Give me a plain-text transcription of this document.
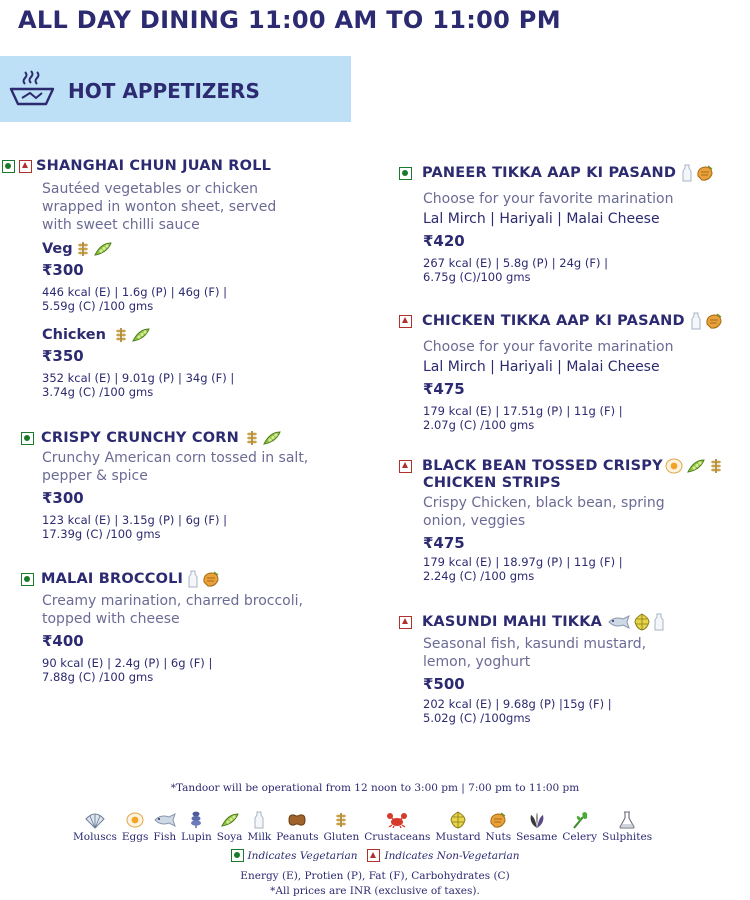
ALL DAY DINING 11:00 AM TO 11:00 PM
HOT APPETIZERS
SHANGHAI CHUN JUAN ROLL
Sautéed vegetables or chicken
wrapped in wonton sheet, served
with sweet chilli sauce
Veg
₹300
446 kcal (E) | 1.6g (P) | 46g (F) |
5.59g (C) /100 gms
Chicken
₹350
352 kcal (E) | 9.01g (P) | 34g (F) |
3.74g (C) /100 gms
CRISPY CRUNCHY CORN
Crunchy American corn tossed in salt,
pepper & spice
₹300
123 kcal (E) | 3.15g (P) | 6g (F) |
17.39g (C) /100 gms
MALAI BROCCOLI
Creamy marination, charred broccoli,
topped with cheese
₹400
90 kcal (E) | 2.4g (P) | 6g (F) |
7.88g (C) /100 gms
PANEER TIKKA AAP KI PASAND
Choose for your favorite marination
Lal Mirch | Hariyali | Malai Cheese
₹420
267 kcal (E) | 5.8g (P) | 24g (F) |
6.75g (C)/100 gms
CHICKEN TIKKA AAP KI PASAND
Choose for your favorite marination
Lal Mirch | Hariyali | Malai Cheese
₹475
179 kcal (E) | 17.51g (P) | 11g (F) |
2.07g (C) /100 gms
BLACK BEAN TOSSED CRISPY
CHICKEN STRIPS
Crispy Chicken, black bean, spring
onion, veggies
₹475
179 kcal (E) | 18.97g (P) | 11g (F) |
2.24g (C) /100 gms
KASUNDI MAHI TIKKA
Seasonal fish, kasundi mustard,
lemon, yoghurt
₹500
202 kcal (E) | 9.68g (P) |15g (F) |
5.02g (C) /100gms
*Tandoor will be operational from 12 noon to 3:00 pm | 7:00 pm to 11:00 pm
Moluscs Eggs Fish Lupin Soya Milk Peanuts Gluten Crustaceans Mustard Nuts Sesame Celery Sulphites
Indicates Vegetarian	Indicates Non-Vegetarian
Energy (E), Protien (P), Fat (F), Carbohydrates (C)
*All prices are INR (exclusive of taxes).
